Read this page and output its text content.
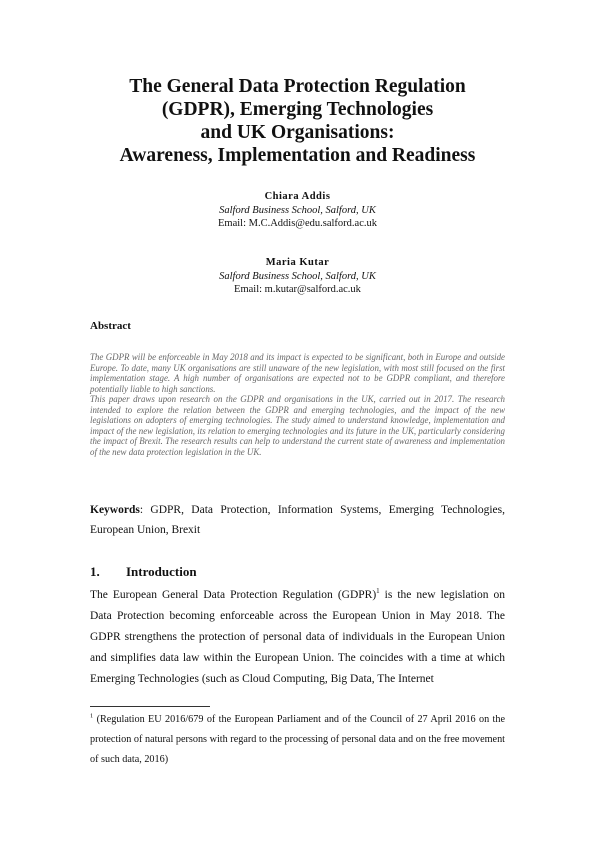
The General Data Protection Regulation
(GDPR), Emerging Technologies
and UK Organisations:
Awareness, Implementation and Readiness
Chiara Addis
Salford Business School, Salford, UK
Email: M.C.Addis@edu.salford.ac.uk
Maria Kutar
Salford Business School, Salford, UK
Email: m.kutar@salford.ac.uk
Abstract

The GDPR will be enforceable in May 2018 and its impact is expected to be significant, both in Europe and outside Europe. To date, many UK organisations are still unaware of the new legislation, with most still focused on the first implementation stage. A high number of organisations are expected not to be GDPR compliant, and therefore potentially liable to high sanctions.

This paper draws upon research on the GDPR and organisations in the UK, carried out in 2017. The research intended to explore the relation between the GDPR and emerging technologies, and the impact of the new legislations on adopters of emerging technologies. The study aimed to understand knowledge, implementation and impact of the new legislation, its relation to emerging technologies and its future in the UK, particularly considering the impact of Brexit. The research results can help to understand the current state of awareness and implementation of the new data protection legislation in the UK.

Keywords: GDPR, Data Protection, Information Systems, Emerging Technologies, European Union, Brexit

1. Introduction

The European General Data Protection Regulation (GDPR)$^1$ is the new legislation on Data Protection becoming enforceable across the European Union in May 2018. The GDPR strengthens the protection of personal data of individuals in the European Union and simplifies data law within the European Union. The coincides with a time at which Emerging Technologies (such as Cloud Computing, Big Data, The Internet

$^1$ (Regulation EU 2016/679 of the European Parliament and of the Council of 27 April 2016 on the protection of natural persons with regard to the processing of personal data and on the free movement of such data, 2016)
